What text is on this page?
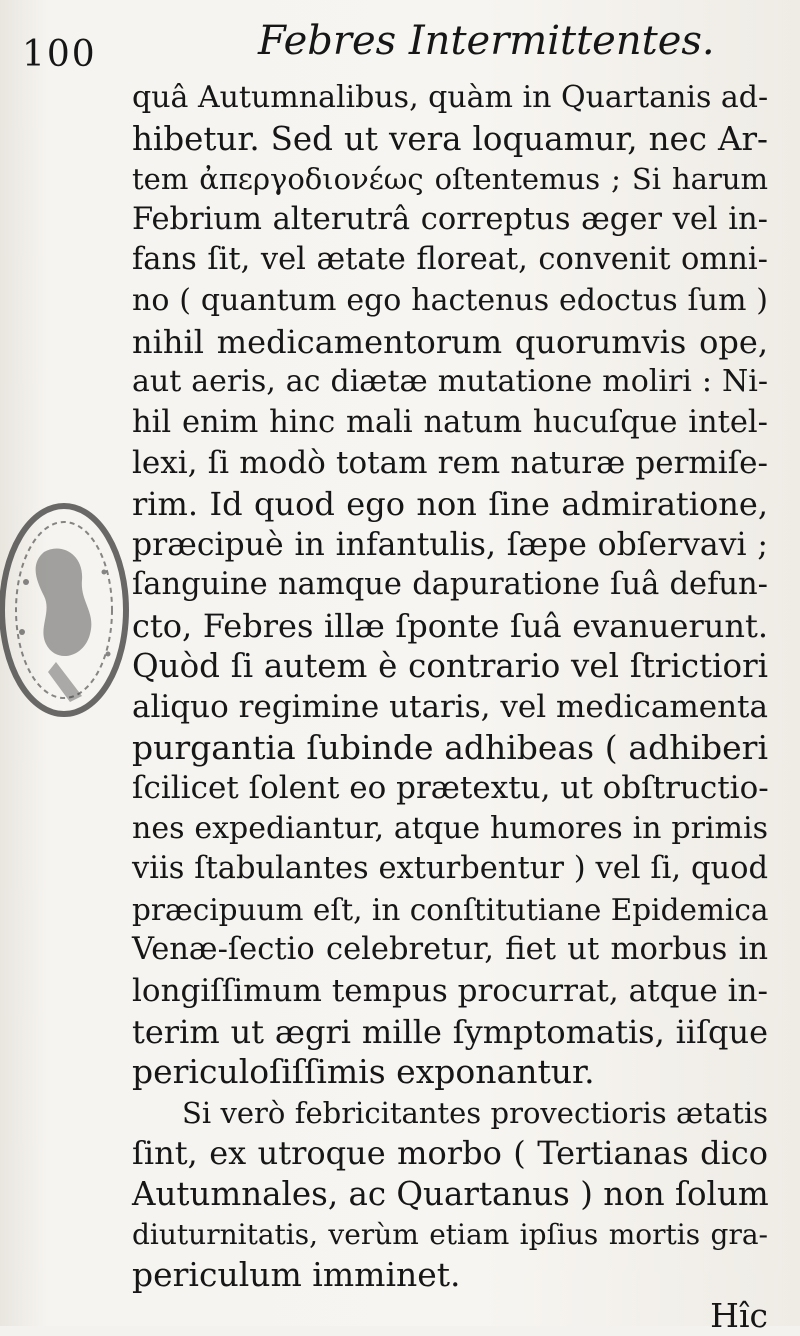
100	Febres Intermittentes.
quâ Autumnalibus, quàm in Quartanis ad-
hibetur. Sed ut vera loquamur, nec Ar-
tem ἀπεργοδιονέως oſtentemus ; Si harum
Febrium alterutrâ correptus æger vel in-
fans ſit, vel ætate floreat, convenit omni-
no ( quantum ego hactenus edoctus ſum )
nihil medicamentorum quorumvis ope,
aut aeris, ac diætæ mutatione moliri : Ni-
hil enim hinc mali natum hucuſque intel-
lexi, ſi modò totam rem naturæ permiſe-
rim. Id quod ego non ſine admiratione,
præcipuè in infantulis, ſæpe obſervavi ;
ſanguine namque dapuratione ſuâ defun-
cto, Febres illæ ſponte ſuâ evanuerunt.
Quòd ſi autem è contrario vel ſtrictiori
aliquo regimine utaris, vel medicamenta
purgantia ſubinde adhibeas ( adhiberi
ſcilicet ſolent eo prætextu, ut obſtructio-
nes expediantur, atque humores in primis
viis ſtabulantes exturbentur ) vel ſi, quod
præcipuum eſt, in conſtitutiane Epidemica
Venæ-ſectio celebretur, fiet ut morbus in
longiſſimum tempus procurrat, atque in-
terim ut ægri mille ſymptomatis, iiſque
periculoſiſſimis exponantur.
Si verò febricitantes provectioris ætatis
ſint, ex utroque morbo ( Tertianas dico
Autumnales, ac Quartanus ) non ſolum
diuturnitatis, verùm etiam ipſius mortis gra-
periculum imminet.
Hîc
